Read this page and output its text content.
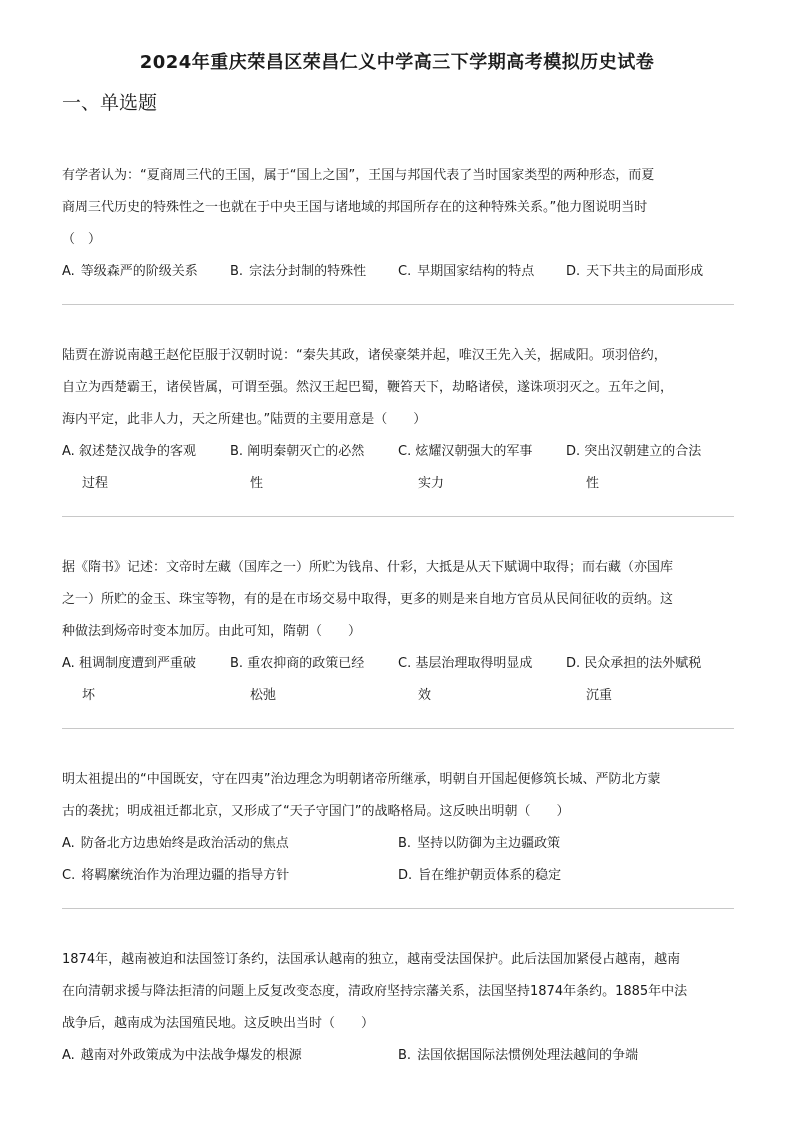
2024年重庆荣昌区荣昌仁义中学高三下学期高考模拟历史试卷
一、单选题

有学者认为：“夏商周三代的王国，属于“国上之国”，王国与邦国代表了当时国家类型的两种形态，而夏
商周三代历史的特殊性之一也就在于中央王国与诸地域的邦国所存在的这种特殊关系。”他力图说明当时
（　）

A. 等级森严的阶级关系 B. 宗法分封制的特殊性 C. 早期国家结构的特点 D. 天下共主的局面形成

陆贾在游说南越王赵佗臣服于汉朝时说：“秦失其政，诸侯豪桀并起，唯汉王先入关，据咸阳。项羽倍约，
自立为西楚霸王，诸侯皆属，可谓至强。然汉王起巴蜀，鞭笞天下，劫略诸侯，遂诛项羽灭之。五年之间，
海内平定，此非人力，天之所建也。”陆贾的主要用意是（　　）

A. 叙述楚汉战争的客观
过程
B. 阐明秦朝灭亡的必然
性
C. 炫耀汉朝强大的军事
实力
D. 突出汉朝建立的合法
性

据《隋书》记述：文帝时左藏（国库之一）所贮为钱帛、什彩，大抵是从天下赋调中取得；而右藏（亦国库
之一）所贮的金玉、珠宝等物，有的是在市场交易中取得，更多的则是来自地方官员从民间征收的贡纳。这
种做法到炀帝时变本加厉。由此可知，隋朝（　　）

A. 租调制度遭到严重破
坏
B. 重农抑商的政策已经
松弛
C. 基层治理取得明显成
效
D. 民众承担的法外赋税
沉重

明太祖提出的“中国既安，守在四夷”治边理念为明朝诸帝所继承，明朝自开国起便修筑长城、严防北方蒙
古的袭扰；明成祖迁都北京，又形成了“天子守国门”的战略格局。这反映出明朝（　　）

A. 防备北方边患始终是政治活动的焦点	B. 坚持以防御为主边疆政策
C. 将羁縻统治作为治理边疆的指导方针	D. 旨在维护朝贡体系的稳定

1874年，越南被迫和法国签订条约，法国承认越南的独立，越南受法国保护。此后法国加紧侵占越南，越南
在向清朝求援与降法拒清的问题上反复改变态度，清政府坚持宗藩关系，法国坚持1874年条约。1885年中法
战争后，越南成为法国殖民地。这反映出当时（　　）

A. 越南对外政策成为中法战争爆发的根源	B. 法国依据国际法惯例处理法越间的争端
